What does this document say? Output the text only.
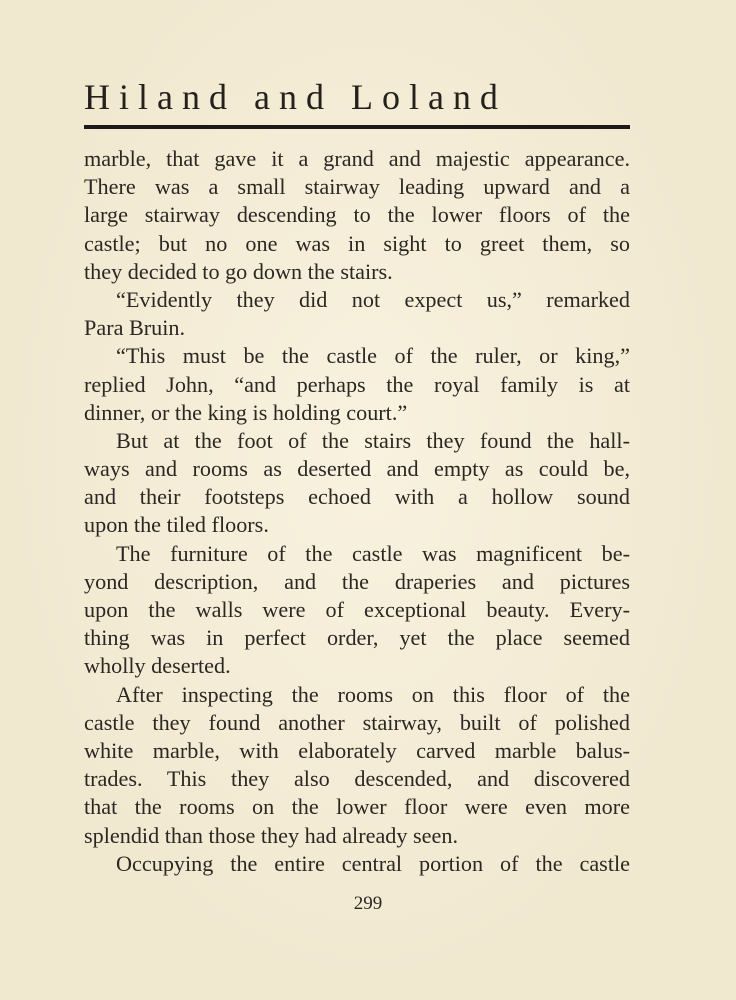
Hiland and Loland
marble, that gave it a grand and majestic appearance.
There was a small stairway leading upward and a
large stairway descending to the lower floors of the
castle; but no one was in sight to greet them, so
they decided to go down the stairs.
“Evidently they did not expect us,” remarked
Para Bruin.
“This must be the castle of the ruler, or king,”
replied John, “and perhaps the royal family is at
dinner, or the king is holding court.”
But at the foot of the stairs they found the hall-
ways and rooms as deserted and empty as could be,
and their footsteps echoed with a hollow sound
upon the tiled floors.
The furniture of the castle was magnificent be-
yond description, and the draperies and pictures
upon the walls were of exceptional beauty. Every-
thing was in perfect order, yet the place seemed
wholly deserted.
After inspecting the rooms on this floor of the
castle they found another stairway, built of polished
white marble, with elaborately carved marble balus-
trades. This they also descended, and discovered
that the rooms on the lower floor were even more
splendid than those they had already seen.
Occupying the entire central portion of the castle
299
